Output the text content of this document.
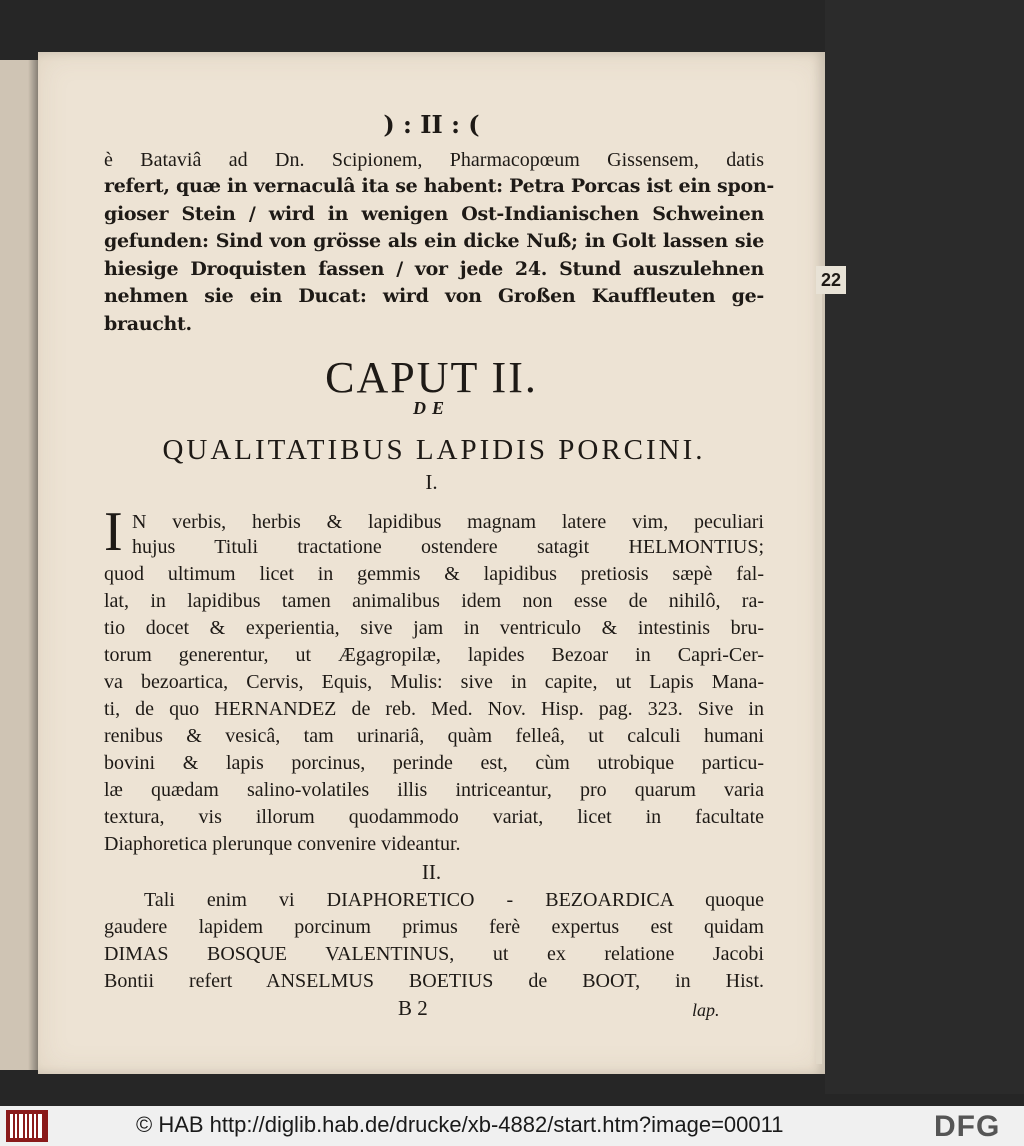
) : II : (
è Bataviâ ad Dn. Scipionem, Pharmacopœum Gissensem, datis
refert, quæ in vernaculâ ita se habent: Petra Porcas ist ein spon-
gioser Stein / wird in wenigen Ost-Indianischen Schweinen
gefunden: Sind von grösse als ein dicke Nuß; in Golt lassen sie
hiesige Droquisten fassen / vor jede 24. Stund auszulehnen
nehmen sie ein Ducat: wird von Großen Kauffleuten ge-
braucht.
CAPUT II.
DE
QUALITATIBUS LAPIDIS PORCINI.
I.
I N verbis, herbis & lapidibus magnam latere vim, peculiari
hujus Tituli tractatione ostendere satagit HELMONTIUS;
quod ultimum licet in gemmis & lapidibus pretiosis sæpè fal-
lat, in lapidibus tamen animalibus idem non esse de nihilô, ra-
tio docet & experientia, sive jam in ventriculo & intestinis bru-
torum generentur, ut Ægagropilæ, lapides Bezoar in Capri-Cer-
va bezoartica, Cervis, Equis, Mulis: sive in capite, ut Lapis Mana-
ti, de quo HERNANDEZ de reb. Med. Nov. Hisp. pag. 323. Sive in
renibus & vesicâ, tam urinariâ, quàm felleâ, ut calculi humani
bovini & lapis porcinus, perinde est, cùm utrobique particu-
læ quædam salino-volatiles illis intriceantur, pro quarum varia
textura, vis illorum quodammodo variat, licet in facultate
Diaphoretica plerunque convenire videantur.
II.
Tali enim vi DIAPHORETICO - BEZOARDICA quoque
gaudere lapidem porcinum primus ferè expertus est quidam
DIMAS BOSQUE VALENTINUS, ut ex relatione Jacobi
Bontii refert ANSELMUS BOETIUS de BOOT, in Hist.
B 2	lap.
22
© HAB http://diglib.hab.de/drucke/xb-4882/start.htm?image=00011	DFG
